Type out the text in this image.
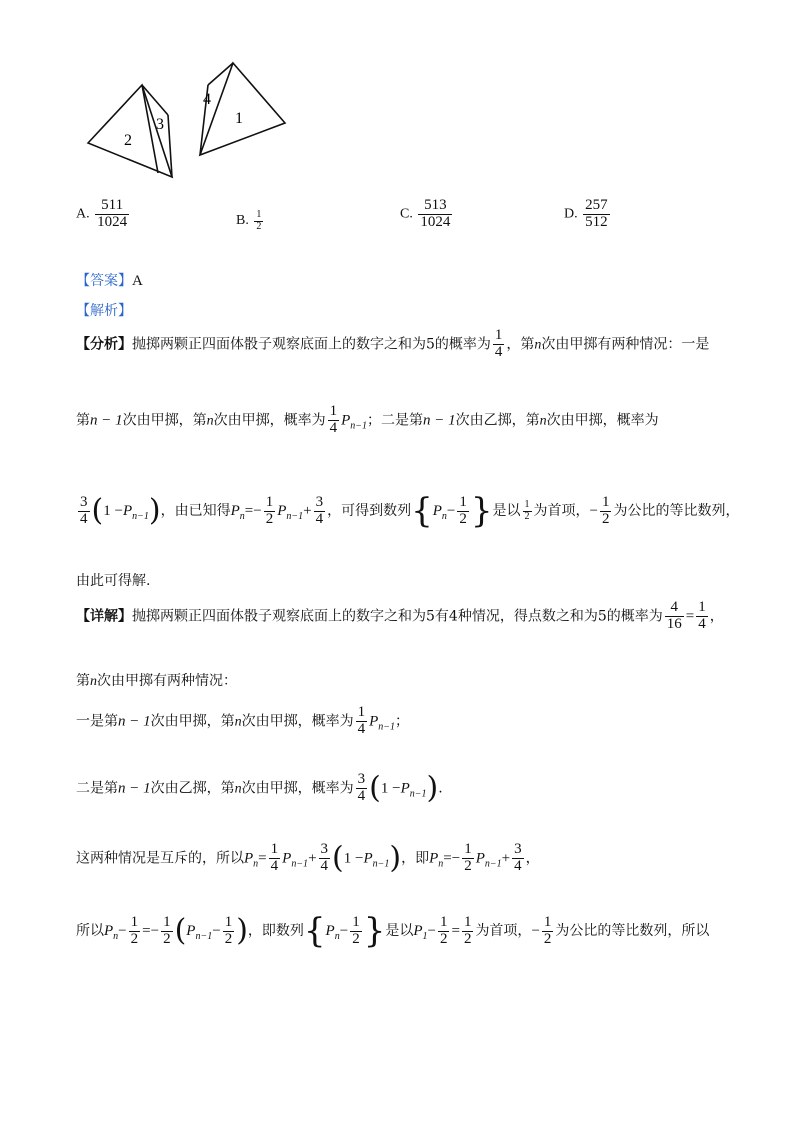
2
3
4
1
A. $\frac{511}{1024}$	B. $\frac{1}{2}$	C. $\frac{513}{1024}$	D. $\frac{257}{512}$
【答案】A
【解析】
【分析】抛掷两颗正四面体骰子观察底面上的数字之和为5的概率为 $\frac{1}{4}$ ，第n次由甲掷有两种情况：一是
第n − 1次由甲掷，第n次由甲掷，概率为 $\frac{1}{4} P_{n-1}$；二是第n − 1次由乙掷，第n次由甲掷，概率为
$\frac{3}{4} (1 -P_{n-1})$，由已知得$P_n=- \frac{1}{2} P_{n-1}+ \frac{3}{4}$ ，可得到数列{$P_n- \frac{1}{2}$ }是以 $\frac{1}{2}$ 为首项，− $\frac{1}{2}$ 为公比的等比数列，
由此可得解.
【详解】抛掷两颗正四面体骰子观察底面上的数字之和为5有4种情况，得点数之和为5的概率为 $\frac{4}{16} = \frac{1}{4}$ ，
第n次由甲掷有两种情况：
一是第n − 1次由甲掷，第n次由甲掷，概率为 $\frac{1}{4} P_{n-1}$；
二是第n − 1次由乙掷，第n次由甲掷，概率为 $\frac{3}{4} (1 -P_{n-1})$.
这两种情况是互斥的，所以$P_n= \frac{1}{4} P_{n-1}+ \frac{3}{4} (1 -P_{n-1})$，即$P_n=- \frac{1}{2} P_{n-1}+ \frac{3}{4}$ ，
所以$P_n- \frac{1}{2} =- \frac{1}{2} (P_{n-1}- \frac{1}{2}$ )，即数列{$P_n- \frac{1}{2}$ }是以$P_1- \frac{1}{2} = \frac{1}{2}$ 为首项，− $\frac{1}{2}$ 为公比的等比数列，所以
